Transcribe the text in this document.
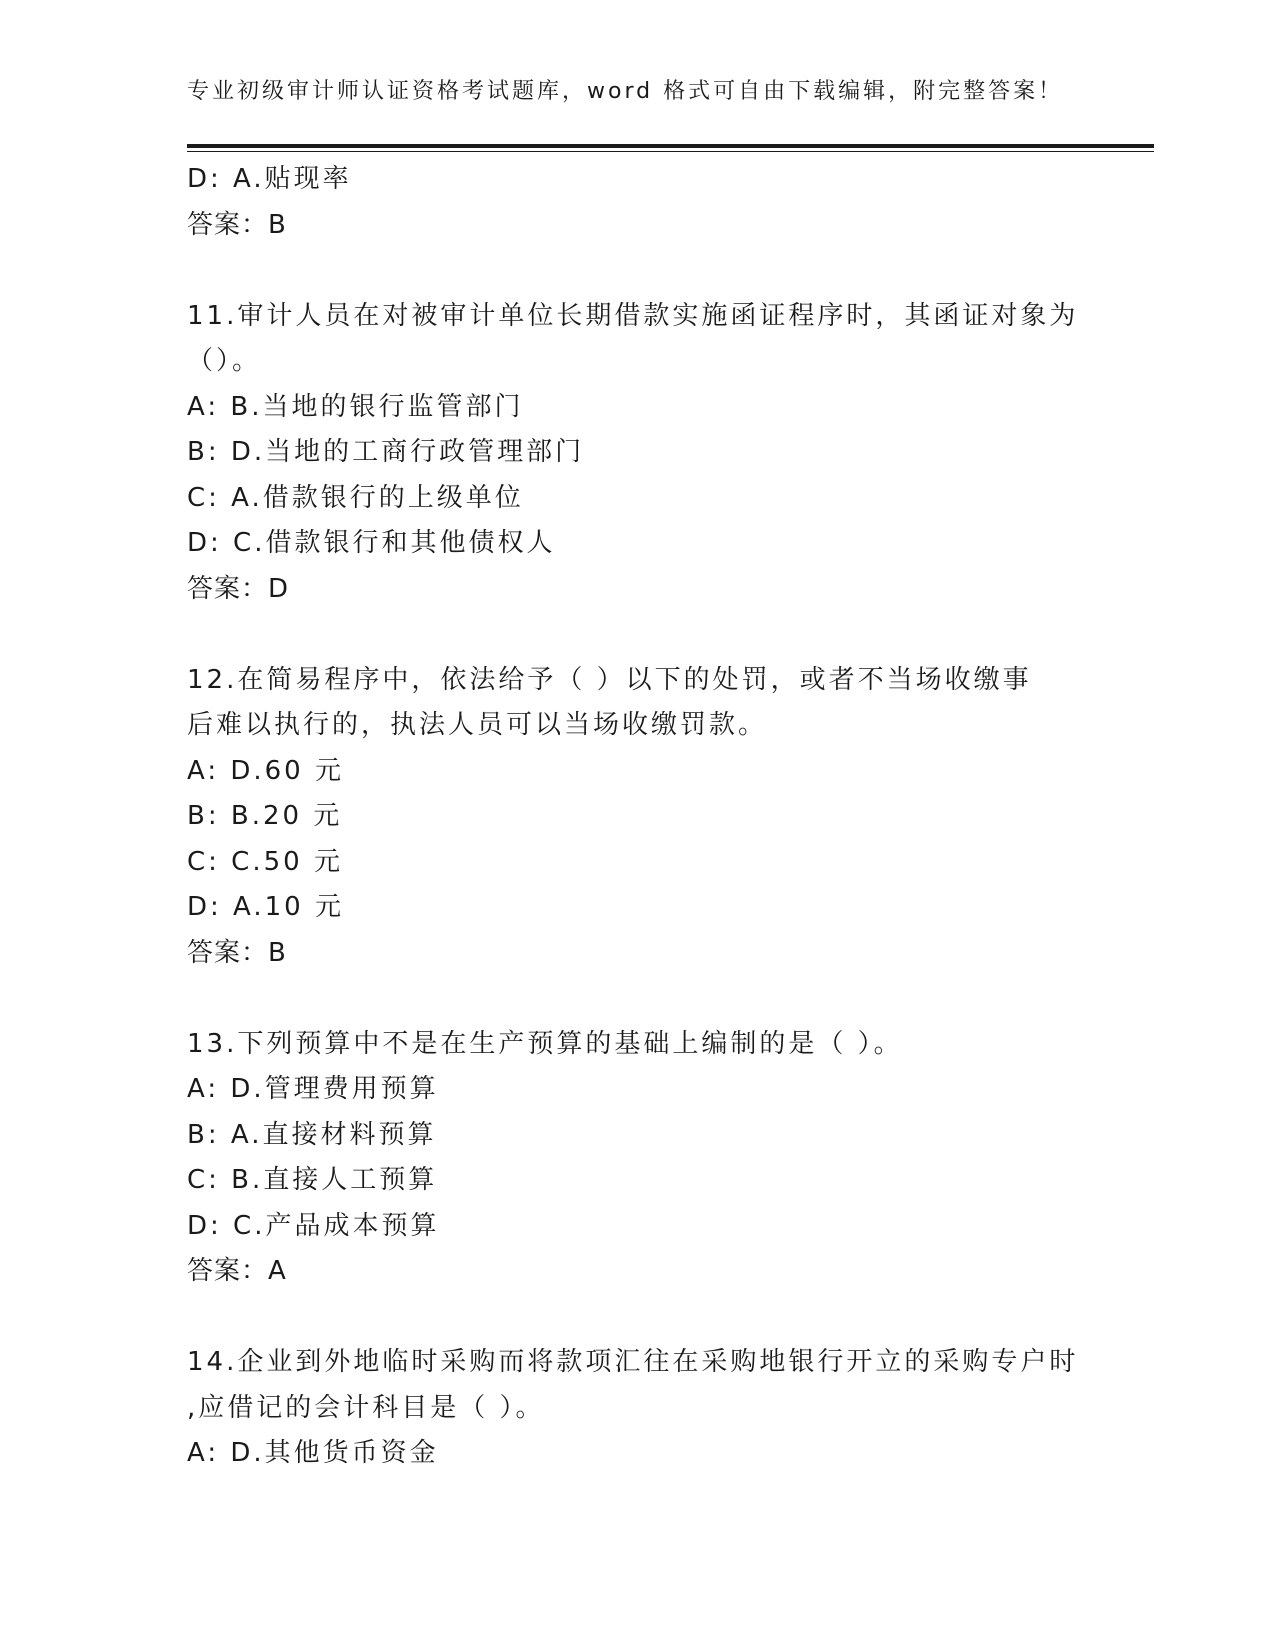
专业初级审计师认证资格考试题库，word 格式可自由下载编辑，附完整答案！
D: A.贴现率
答案：B
11.审计人员在对被审计单位长期借款实施函证程序时，其函证对象为
（）。
A: B.当地的银行监管部门
B: D.当地的工商行政管理部门
C: A.借款银行的上级单位
D: C.借款银行和其他债权人
答案：D
12.在简易程序中，依法给予（ ）以下的处罚，或者不当场收缴事
后难以执行的，执法人员可以当场收缴罚款。
A: D.60 元
B: B.20 元
C: C.50 元
D: A.10 元
答案：B
13.下列预算中不是在生产预算的基础上编制的是（ ）。
A: D.管理费用预算
B: A.直接材料预算
C: B.直接人工预算
D: C.产品成本预算
答案：A
14.企业到外地临时采购而将款项汇往在采购地银行开立的采购专户时
,应借记的会计科目是（ ）。
A: D.其他货币资金
